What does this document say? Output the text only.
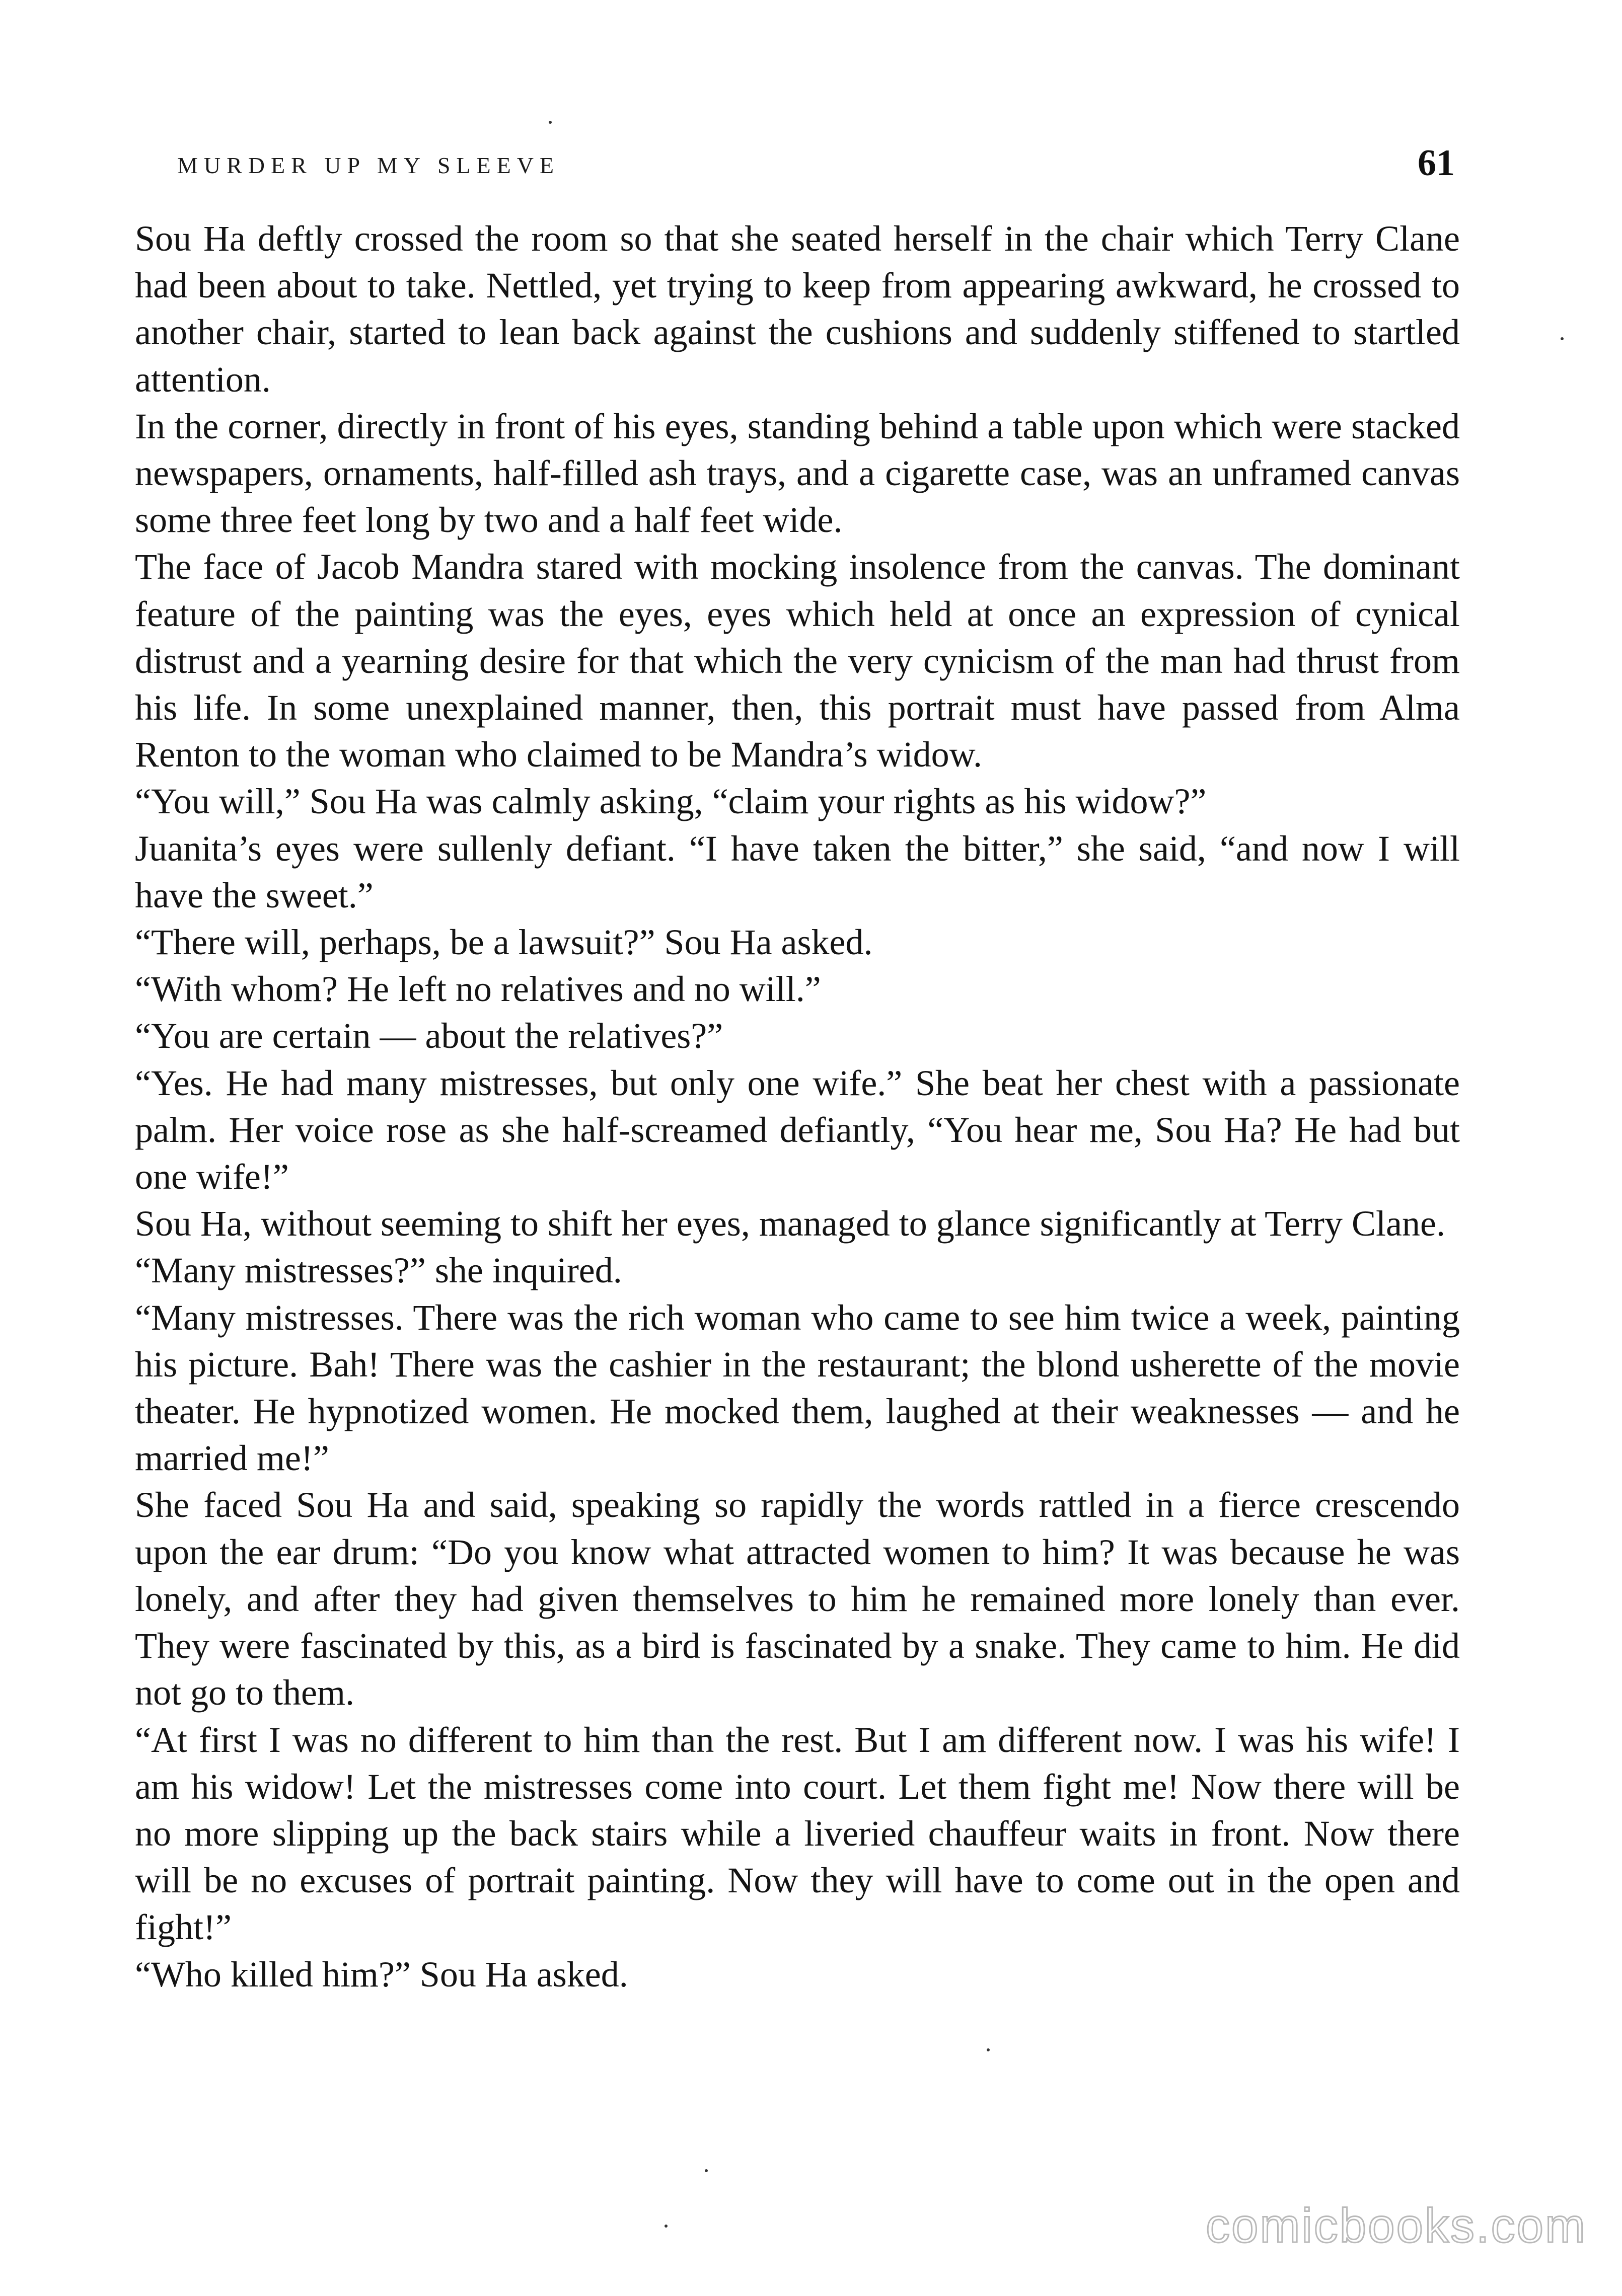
MURDER UP MY SLEEVE	61

Sou Ha deftly crossed the room so that she seated herself in the chair which Terry Clane had been about to take. Nettled, yet trying to keep from appearing awkward, he crossed to another chair, started to lean back against the cushions and suddenly stiffened to startled attention.

In the corner, directly in front of his eyes, standing behind a table upon which were stacked newspapers, ornaments, half-filled ash trays, and a cigarette case, was an unframed canvas some three feet long by two and a half feet wide.

The face of Jacob Mandra stared with mocking insolence from the canvas. The dominant feature of the painting was the eyes, eyes which held at once an expression of cynical distrust and a yearning desire for that which the very cynicism of the man had thrust from his life. In some unexplained manner, then, this portrait must have passed from Alma Renton to the woman who claimed to be Mandra’s widow.

“You will,” Sou Ha was calmly asking, “claim your rights as his widow?”

Juanita’s eyes were sullenly defiant. “I have taken the bitter,” she said, “and now I will have the sweet.”

“There will, perhaps, be a lawsuit?” Sou Ha asked.

“With whom? He left no relatives and no will.”

“You are certain — about the relatives?”

“Yes. He had many mistresses, but only one wife.” She beat her chest with a passionate palm. Her voice rose as she half-screamed defiantly, “You hear me, Sou Ha? He had but one wife!”

Sou Ha, without seeming to shift her eyes, managed to glance significantly at Terry Clane.

“Many mistresses?” she inquired.

“Many mistresses. There was the rich woman who came to see him twice a week, painting his picture. Bah! There was the cashier in the restaurant; the blond usherette of the movie theater. He hypnotized women. He mocked them, laughed at their weaknesses — and he married me!”

She faced Sou Ha and said, speaking so rapidly the words rattled in a fierce crescendo upon the ear drum: “Do you know what attracted women to him? It was because he was lonely, and after they had given themselves to him he remained more lonely than ever. They were fascinated by this, as a bird is fascinated by a snake. They came to him. He did not go to them.

“At first I was no different to him than the rest. But I am different now. I was his wife! I am his widow! Let the mistresses come into court. Let them fight me! Now there will be no more slipping up the back stairs while a liveried chauffeur waits in front. Now there will be no excuses of portrait painting. Now they will have to come out in the open and fight!”

“Who killed him?” Sou Ha asked.

comicbooks.com
